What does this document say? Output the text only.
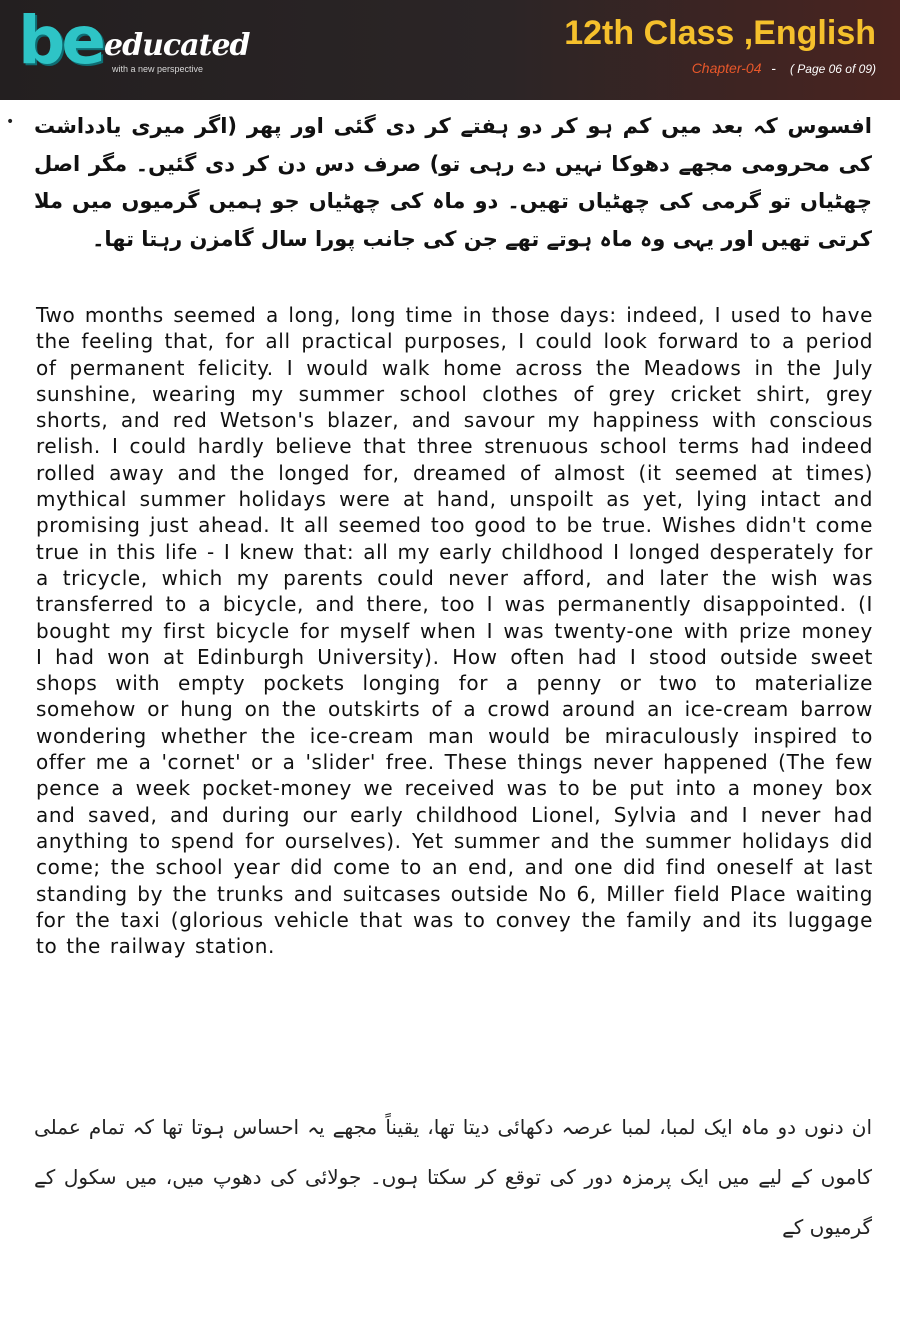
be educated
with a new perspective
12th Class ,English
Chapter-04 - ( Page 06 of 09)
• افسوس کہ بعد میں کم ہو کر دو ہفتے کر دی گئی اور پھر (اگر میری یادداشت کی محرومی مجھے دھوکا نہیں دے رہی تو) صرف دس دن کر دی گئیں۔ مگر اصل چھٹیاں تو گرمی کی چھٹیاں تھیں۔ دو ماہ کی چھٹیاں جو ہمیں گرمیوں میں ملا کرتی تھیں اور یہی وہ ماہ ہوتے تھے جن کی جانب پورا سال گامزن رہتا تھا۔
Two months seemed a long, long time in those days: indeed, I used to have the feeling that, for all practical purposes, I could look forward to a period of permanent felicity. I would walk home across the Meadows in the July sunshine, wearing my summer school clothes of grey cricket shirt, grey shorts, and red Wetson's blazer, and savour my happiness with conscious relish. I could hardly believe that three strenuous school terms had indeed rolled away and the longed for, dreamed of almost (it seemed at times) mythical summer holidays were at hand, unspoilt as yet, lying intact and promising just ahead. It all seemed too good to be true. Wishes didn't come true in this life - I knew that: all my early childhood I longed desperately for a tricycle, which my parents could never afford, and later the wish was transferred to a bicycle, and there, too I was permanently disappointed. (I bought my first bicycle for myself when I was twenty-one with prize money I had won at Edinburgh University). How often had I stood outside sweet shops with empty pockets longing for a penny or two to materialize somehow or hung on the outskirts of a crowd around an ice-cream barrow wondering whether the ice-cream man would be miraculously inspired to offer me a 'cornet' or a 'slider' free. These things never happened (The few pence a week pocket-money we received was to be put into a money box and saved, and during our early childhood Lionel, Sylvia and I never had anything to spend for ourselves). Yet summer and the summer holidays did come; the school year did come to an end, and one did find oneself at last standing by the trunks and suitcases outside No 6, Miller field Place waiting for the taxi (glorious vehicle that was to convey the family and its luggage to the railway station.
ان دنوں دو ماہ ایک لمبا، لمبا عرصہ دکھائی دیتا تھا، یقیناً مجھے یہ احساس ہوتا تھا کہ تمام عملی کاموں کے لیے میں ایک پرمزہ دور کی توقع کر سکتا ہوں۔ جولائی کی دھوپ میں، میں سکول کے گرمیوں کے
